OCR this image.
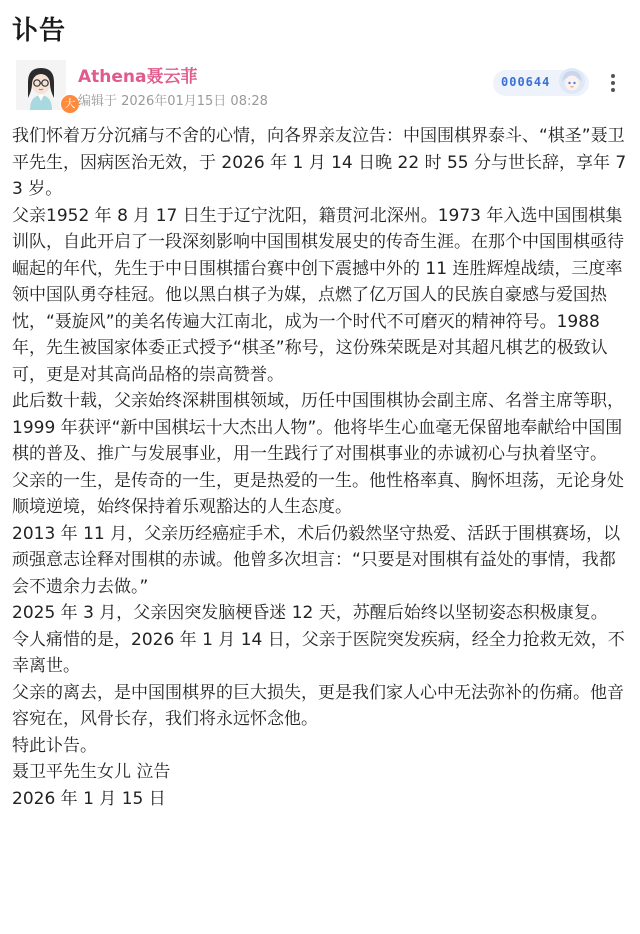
讣告
大
Athena聂云菲
编辑于 2026年01月15日 08:28
000644

我们怀着万分沉痛与不舍的心情，向各界亲友泣告：中国围棋界泰斗、“棋圣”聂卫平先生，因病医治无效，于 2026 年 1 月 14 日晚 22 时 55 分与世长辞，享年 73 岁。

父亲1952 年 8 月 17 日生于辽宁沈阳，籍贯河北深州。1973 年入选中国围棋集训队，自此开启了一段深刻影响中国围棋发展史的传奇生涯。在那个中国围棋亟待崛起的年代，先生于中日围棋擂台赛中创下震撼中外的 11 连胜辉煌战绩，三度率领中国队勇夺桂冠。他以黑白棋子为媒，点燃了亿万国人的民族自豪感与爱国热忱，“聂旋风”的美名传遍大江南北，成为一个时代不可磨灭的精神符号。1988 年，先生被国家体委正式授予“棋圣”称号，这份殊荣既是对其超凡棋艺的极致认可，更是对其高尚品格的崇高赞誉。

此后数十载，父亲始终深耕围棋领域，历任中国围棋协会副主席、名誉主席等职，1999 年获评“新中国棋坛十大杰出人物”。他将毕生心血毫无保留地奉献给中国围棋的普及、推广与发展事业，用一生践行了对围棋事业的赤诚初心与执着坚守。

父亲的一生，是传奇的一生，更是热爱的一生。他性格率真、胸怀坦荡，无论身处顺境逆境，始终保持着乐观豁达的人生态度。

2013 年 11 月，父亲历经癌症手术，术后仍毅然坚守热爱、活跃于围棋赛场，以顽强意志诠释对围棋的赤诚。他曾多次坦言：“只要是对围棋有益处的事情，我都会不遗余力去做。”

2025 年 3 月，父亲因突发脑梗昏迷 12 天，苏醒后始终以坚韧姿态积极康复。

令人痛惜的是，2026 年 1 月 14 日，父亲于医院突发疾病，经全力抢救无效，不幸离世。

父亲的离去，是中国围棋界的巨大损失，更是我们家人心中无法弥补的伤痛。他音容宛在，风骨长存，我们将永远怀念他。

特此讣告。

聂卫平先生女儿 泣告

2026 年 1 月 15 日
